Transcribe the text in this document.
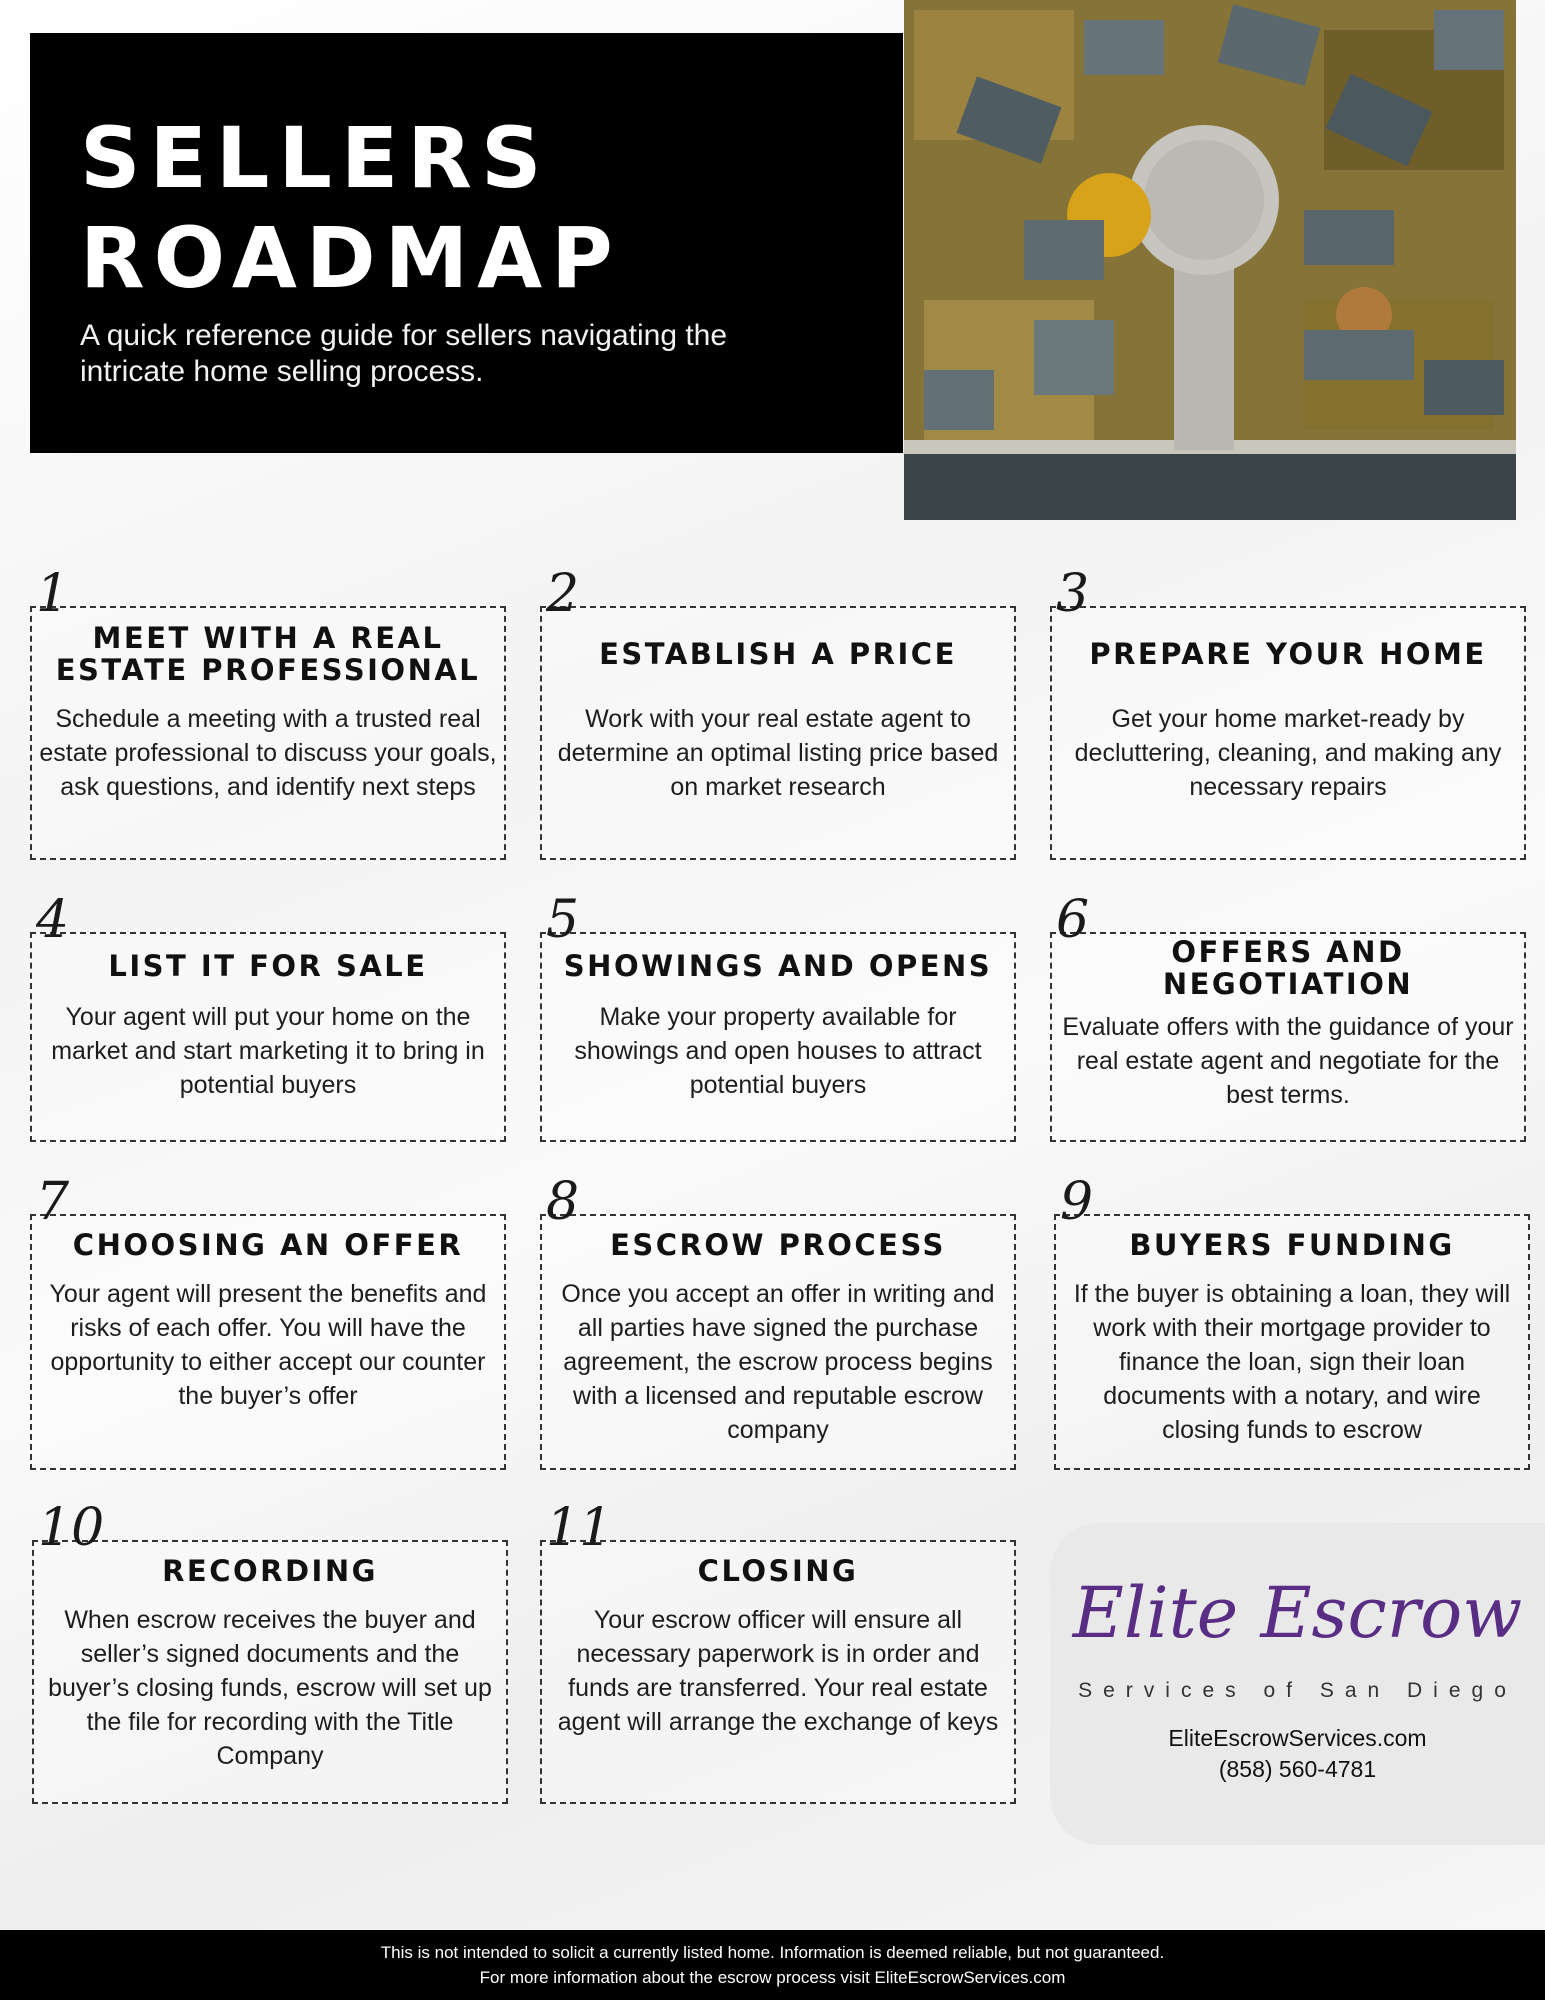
SELLERS
ROADMAP

A quick reference guide for sellers navigating the intricate home selling process.

1
MEET WITH A REAL ESTATE PROFESSIONAL

Schedule a meeting with a trusted real estate professional to discuss your goals, ask questions, and identify next steps

2
ESTABLISH A PRICE

Work with your real estate agent to determine an optimal listing price based on market research

3
PREPARE YOUR HOME

Get your home market-ready by decluttering, cleaning, and making any necessary repairs

4
LIST IT FOR SALE

Your agent will put your home on the market and start marketing it to bring in potential buyers

5
SHOWINGS AND OPENS

Make your property available for showings and open houses to attract potential buyers

6
OFFERS AND NEGOTIATION

Evaluate offers with the guidance of your real estate agent and negotiate for the best terms.

7
CHOOSING AN OFFER

Your agent will present the benefits and risks of each offer. You will have the opportunity to either accept our counter the buyer’s offer

8
ESCROW PROCESS

Once you accept an offer in writing and all parties have signed the purchase agreement, the escrow process begins with a licensed and reputable escrow company

9
BUYERS FUNDING

If the buyer is obtaining a loan, they will work with their mortgage provider to finance the loan, sign their loan documents with a notary, and wire closing funds to escrow

10
RECORDING

When escrow receives the buyer and seller’s signed documents and the buyer’s closing funds, escrow will set up the file for recording with the Title Company

11
CLOSING

Your escrow officer will ensure all necessary paperwork is in order and funds are transferred. Your real estate agent will arrange the exchange of keys

Elite Escrow
Services of San Diego
EliteEscrowServices.com
(858) 560-4781
This is not intended to solicit a currently listed home. Information is deemed reliable, but not guaranteed.
For more information about the escrow process visit EliteEscrowServices.com
